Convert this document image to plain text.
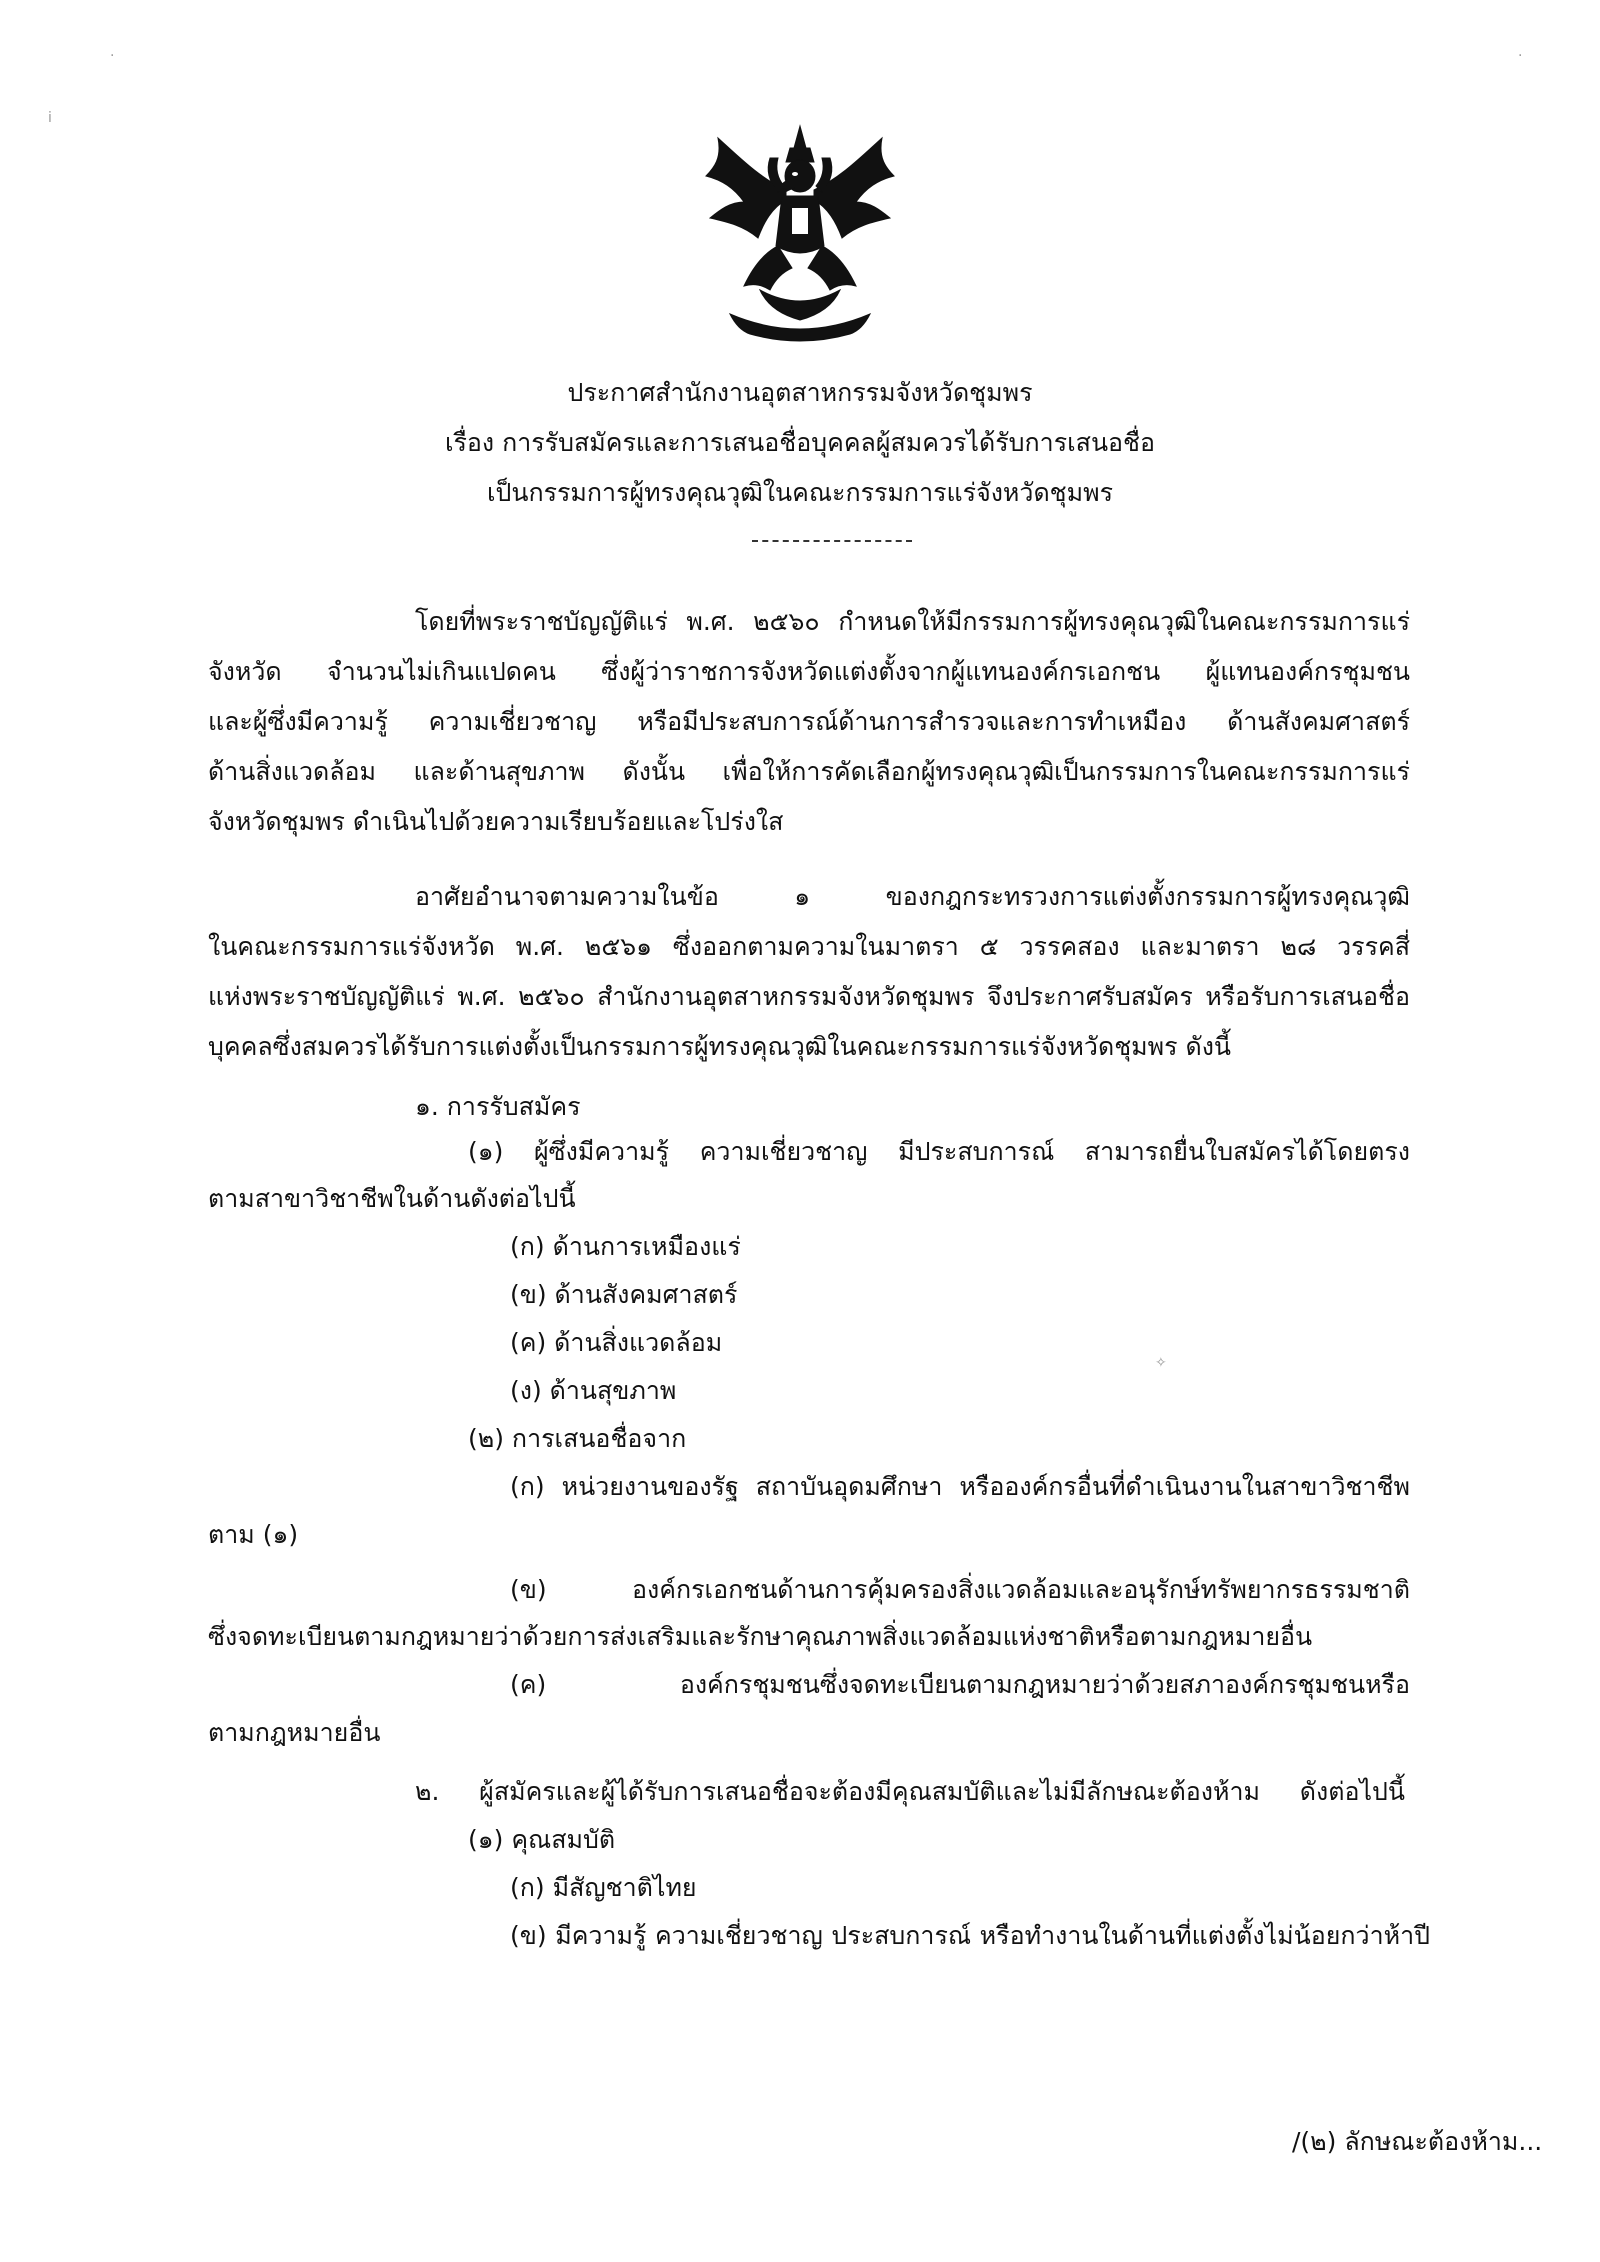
·
ⅰ
·
✧
ประกาศสำนักงานอุตสาหกรรมจังหวัดชุมพร
เรื่อง การรับสมัครและการเสนอชื่อบุคคลผู้สมควรได้รับการเสนอชื่อ
เป็นกรรมการผู้ทรงคุณวุฒิในคณะกรรมการแร่จังหวัดชุมพร
โดยที่พระราชบัญญัติแร่ พ.ศ. ๒๕๖๐ กำหนดให้มีกรรมการผู้ทรงคุณวุฒิในคณะกรรมการแร่
จังหวัด จำนวนไม่เกินแปดคน ซึ่งผู้ว่าราชการจังหวัดแต่งตั้งจากผู้แทนองค์กรเอกชน ผู้แทนองค์กรชุมชน
และผู้ซึ่งมีความรู้ ความเชี่ยวชาญ หรือมีประสบการณ์ด้านการสำรวจและการทำเหมือง ด้านสังคมศาสตร์
ด้านสิ่งแวดล้อม และด้านสุขภาพ ดังนั้น เพื่อให้การคัดเลือกผู้ทรงคุณวุฒิเป็นกรรมการในคณะกรรมการแร่
จังหวัดชุมพร ดำเนินไปด้วยความเรียบร้อยและโปร่งใส
อาศัยอำนาจตามความในข้อ ๑ ของกฎกระทรวงการแต่งตั้งกรรมการผู้ทรงคุณวุฒิ
ในคณะกรรมการแร่จังหวัด พ.ศ. ๒๕๖๑ ซึ่งออกตามความในมาตรา ๕ วรรคสอง และมาตรา ๒๘ วรรคสี่
แห่งพระราชบัญญัติแร่ พ.ศ. ๒๕๖๐ สำนักงานอุตสาหกรรมจังหวัดชุมพร จึงประกาศรับสมัคร หรือรับการเสนอชื่อ
บุคคลซึ่งสมควรได้รับการแต่งตั้งเป็นกรรมการผู้ทรงคุณวุฒิในคณะกรรมการแร่จังหวัดชุมพร ดังนี้
๑. การรับสมัคร
(๑) ผู้ซึ่งมีความรู้ ความเชี่ยวชาญ มีประสบการณ์ สามารถยื่นใบสมัครได้โดยตรง
ตามสาขาวิชาชีพในด้านดังต่อไปนี้
(ก) ด้านการเหมืองแร่
(ข) ด้านสังคมศาสตร์
(ค) ด้านสิ่งแวดล้อม
(ง) ด้านสุขภาพ
(๒) การเสนอชื่อจาก
(ก) หน่วยงานของรัฐ สถาบันอุดมศึกษา หรือองค์กรอื่นที่ดำเนินงานในสาขาวิชาชีพ
ตาม (๑)
(ข) องค์กรเอกชนด้านการคุ้มครองสิ่งแวดล้อมและอนุรักษ์ทรัพยากรธรรมชาติ
ซึ่งจดทะเบียนตามกฎหมายว่าด้วยการส่งเสริมและรักษาคุณภาพสิ่งแวดล้อมแห่งชาติหรือตามกฎหมายอื่น
(ค) องค์กรชุมชนซึ่งจดทะเบียนตามกฎหมายว่าด้วยสภาองค์กรชุมชนหรือ
ตามกฎหมายอื่น
๒. ผู้สมัครและผู้ได้รับการเสนอชื่อจะต้องมีคุณสมบัติและไม่มีลักษณะต้องห้าม ดังต่อไปนี้
(๑) คุณสมบัติ
(ก) มีสัญชาติไทย
(ข) มีความรู้ ความเชี่ยวชาญ ประสบการณ์ หรือทำงานในด้านที่แต่งตั้งไม่น้อยกว่าห้าปี
/(๒) ลักษณะต้องห้าม...
